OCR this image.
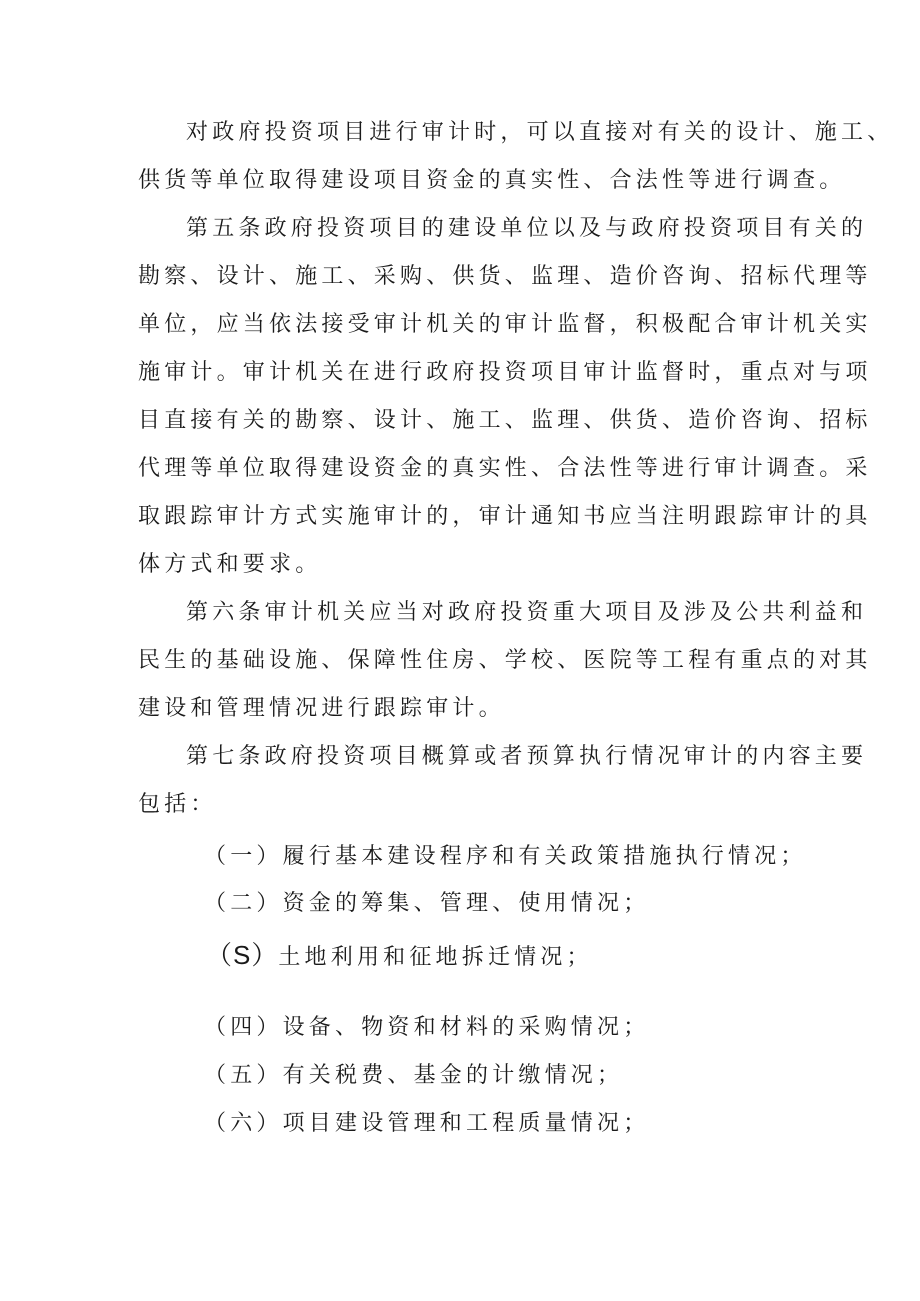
对政府投资项目进行审计时，可以直接对有关的设计、施工、
供货等单位取得建设项目资金的真实性、合法性等进行调查。
第五条政府投资项目的建设单位以及与政府投资项目有关的
勘察、设计、施工、采购、供货、监理、造价咨询、招标代理等
单位，应当依法接受审计机关的审计监督，积极配合审计机关实
施审计。审计机关在进行政府投资项目审计监督时，重点对与项
目直接有关的勘察、设计、施工、监理、供货、造价咨询、招标
代理等单位取得建设资金的真实性、合法性等进行审计调查。采
取跟踪审计方式实施审计的，审计通知书应当注明跟踪审计的具
体方式和要求。
第六条审计机关应当对政府投资重大项目及涉及公共利益和
民生的基础设施、保障性住房、学校、医院等工程有重点的对其
建设和管理情况进行跟踪审计。
第七条政府投资项目概算或者预算执行情况审计的内容主要
包括：
（一）履行基本建设程序和有关政策措施执行情况；
（二）资金的筹集、管理、使用情况；
（S）土地利用和征地拆迁情况；
（四）设备、物资和材料的采购情况；
（五）有关税费、基金的计缴情况；
（六）项目建设管理和工程质量情况；
